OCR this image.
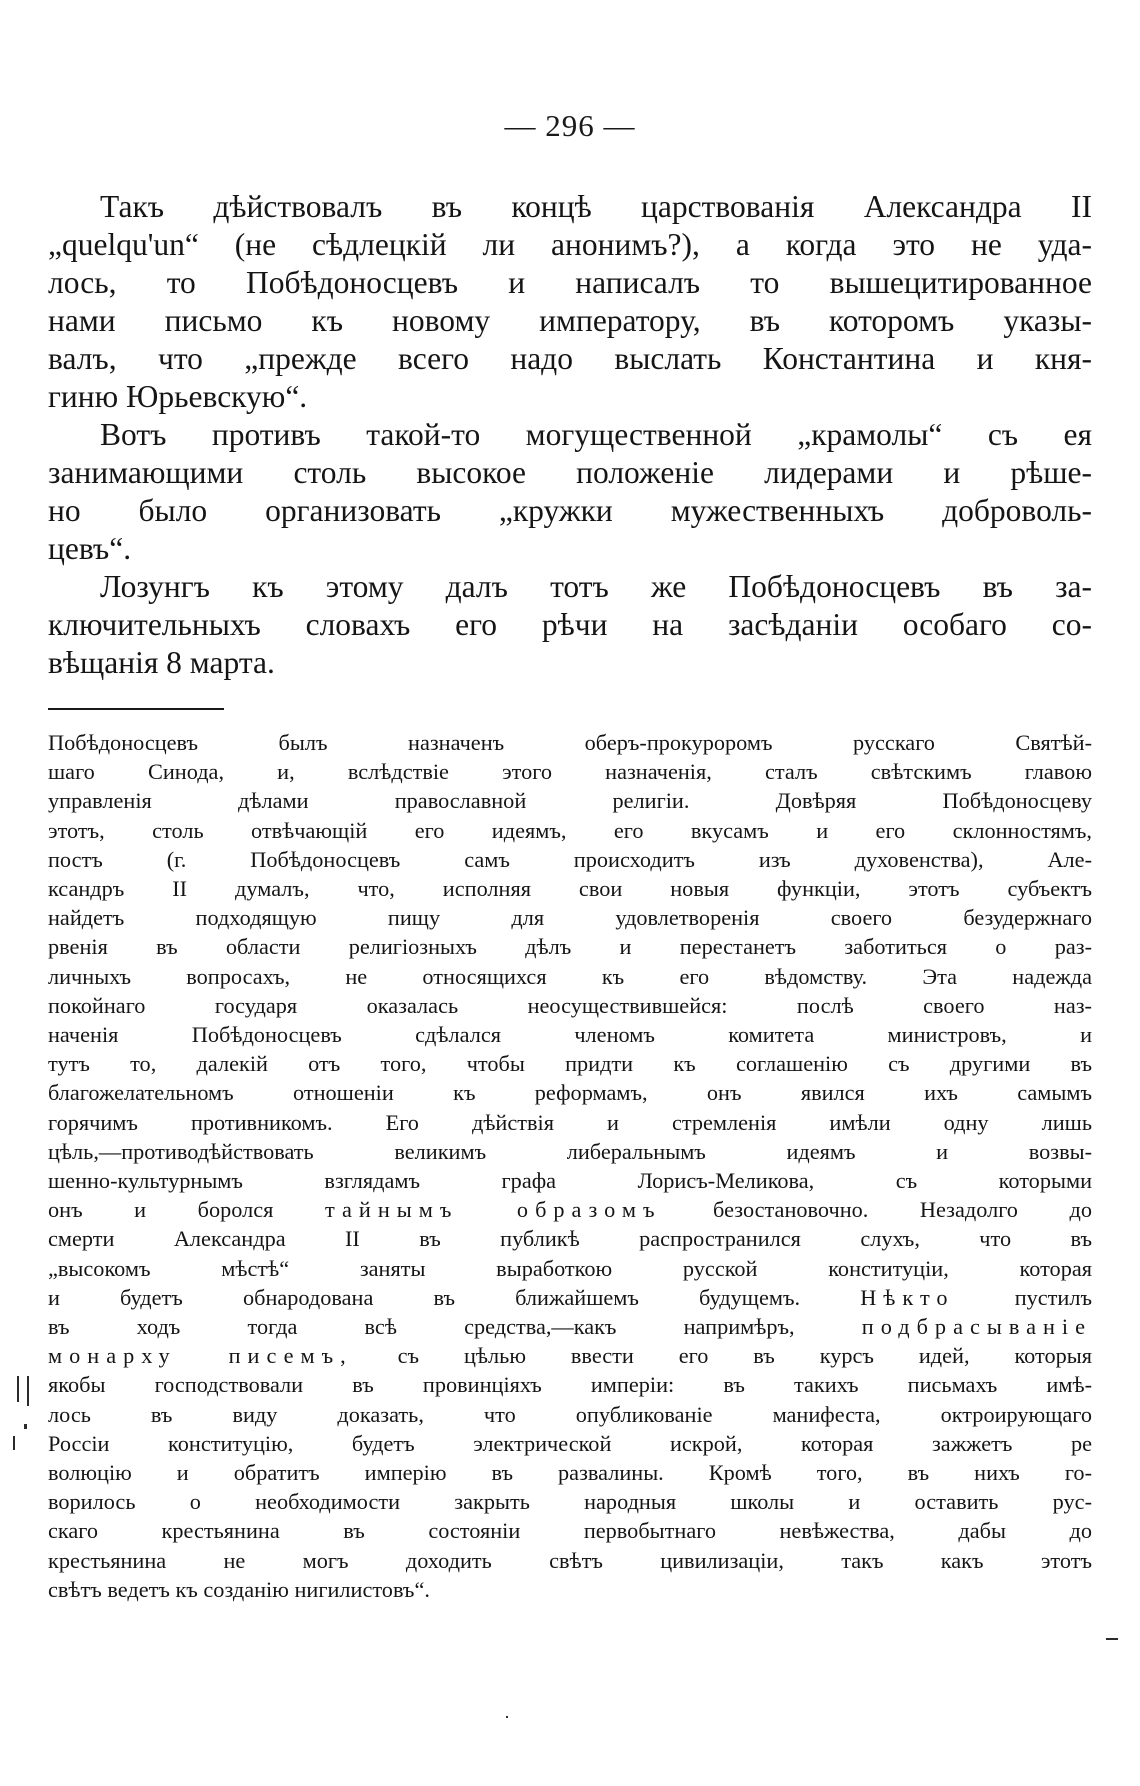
— 296 —
Такъ дѣйствовалъ въ концѣ царствованія Александра II
„quelqu'un“ (не сѣдлецкій ли анонимъ?), а когда это не уда-
лось, то Побѣдоносцевъ и написалъ то вышецитированное
нами письмо къ новому императору, въ которомъ указы-
валъ, что „прежде всего надо выслать Константина и кня-
гиню Юрьевскую“.
Вотъ противъ такой-то могущественной „крамолы“ съ ея
занимающими столь высокое положеніе лидерами и рѣше-
но было организовать „кружки мужественныхъ доброволь-
цевъ“.
Лозунгъ къ этому далъ тотъ же Побѣдоносцевъ въ за-
ключительныхъ словахъ его рѣчи на засѣданіи особаго со-
вѣщанія 8 марта.
Побѣдоносцевъ былъ назначенъ оберъ-прокуроромъ русскаго Святѣй-
шаго Синода, и, вслѣдствіе этого назначенія, сталъ свѣтскимъ главою
управленія дѣлами православной религіи. Довѣряя Побѣдоносцеву
этотъ, столь отвѣчающій его идеямъ, его вкусамъ и его склонностямъ,
постъ (г. Побѣдоносцевъ самъ происходитъ изъ духовенства), Але-
ксандръ II думалъ, что, исполняя свои новыя функціи, этотъ субъектъ
найдетъ подходящую пищу для удовлетворенія своего безудержнаго
рвенія въ области религіозныхъ дѣлъ и перестанетъ заботиться о раз-
личныхъ вопросахъ, не относящихся къ его вѣдомству. Эта надежда
покойнаго государя оказалась неосуществившейся: послѣ своего наз-
наченія Побѣдоносцевъ сдѣлался членомъ комитета министровъ, и
тутъ то, далекій отъ того, чтобы придти къ соглашенію съ другими въ
благожелательномъ отношеніи къ реформамъ, онъ явился ихъ самымъ
горячимъ противникомъ. Его дѣйствія и стремленія имѣли одну лишь
цѣль,—противодѣйствовать великимъ либеральнымъ идеямъ и возвы-
шенно-культурнымъ взглядамъ графа Лорисъ-Меликова, съ которыми
онъ и боролся тайнымъ образомъ безостановочно. Незадолго до
смерти Александра II въ публикѣ распространился слухъ, что въ
„высокомъ мѣстѣ“ заняты выработкою русской конституціи, которая
и будетъ обнародована въ ближайшемъ будущемъ. Нѣкто пустилъ
въ ходъ тогда всѣ средства,—какъ напримѣръ, подбрасываніе
монарху писемъ, съ цѣлью ввести его въ курсъ идей, которыя
якобы господствовали въ провинціяхъ имперіи: въ такихъ письмахъ имѣ-
лось въ виду доказать, что опубликованіе манифеста, октроирующаго
Россіи конституцію, будетъ электрической искрой, которая зажжетъ ре
волюцію и обратитъ имперію въ развалины. Кромѣ того, въ нихъ го-
ворилось о необходимости закрыть народныя школы и оставить рус-
скаго крестьянина въ состояніи первобытнаго невѣжества, дабы до
крестьянина не могъ доходить свѣтъ цивилизаціи, такъ какъ этотъ
свѣтъ ведетъ къ созданію нигилистовъ“.
